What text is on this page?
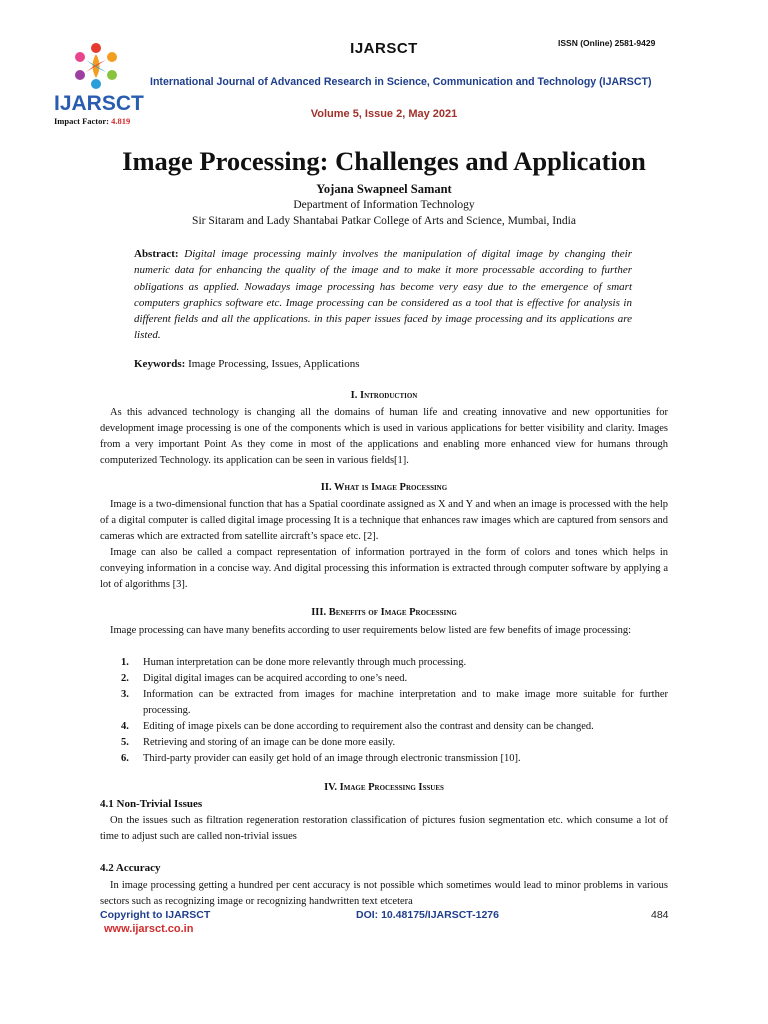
IJARSCT
IJARSCT	ISSN (Online) 2581-9429
International Journal of Advanced Research in Science, Communication and Technology (IJARSCT)
Volume 5, Issue 2, May 2021
Impact Factor: 4.819
Image Processing: Challenges and Application
Yojana Swapneel Samant
Department of Information Technology
Sir Sitaram and Lady Shantabai Patkar College of Arts and Science, Mumbai, India
Abstract: Digital image processing mainly involves the manipulation of digital image by changing their numeric data for enhancing the quality of the image and to make it more processable according to further obligations as applied. Nowadays image processing has become very easy due to the emergence of smart computers graphics software etc. Image processing can be considered as a tool that is effective for analysis in different fields and all the applications. in this paper issues faced by image processing and its applications are listed.
Keywords: Image Processing, Issues, Applications
I. Introduction
As this advanced technology is changing all the domains of human life and creating innovative and new opportunities for development image processing is one of the components which is used in various applications for better visibility and clarity. Images from a very important Point As they come in most of the applications and enabling more enhanced view for humans through computerized Technology. its application can be seen in various fields[1].
II. What is Image Processing
Image is a two-dimensional function that has a Spatial coordinate assigned as X and Y and when an image is processed with the help of a digital computer is called digital image processing It is a technique that enhances raw images which are captured from sensors and cameras which are extracted from satellite aircraft’s space etc. [2].
Image can also be called a compact representation of information portrayed in the form of colors and tones which helps in conveying information in a concise way. And digital processing this information is extracted through computer software by applying a lot of algorithms [3].
III. Benefits of Image Processing
Image processing can have many benefits according to user requirements below listed are few benefits of image processing:
1. Human interpretation can be done more relevantly through much processing.
2. Digital digital images can be acquired according to one’s need.
3. Information can be extracted from images for machine interpretation and to make image more suitable for further processing.
4. Editing of image pixels can be done according to requirement also the contrast and density can be changed.
5. Retrieving and storing of an image can be done more easily.
6. Third-party provider can easily get hold of an image through electronic transmission [10].
IV. Image Processing Issues
4.1 Non-Trivial Issues
On the issues such as filtration regeneration restoration classification of pictures fusion segmentation etc. which consume a lot of time to adjust such are called non-trivial issues
4.2 Accuracy
In image processing getting a hundred per cent accuracy is not possible which sometimes would lead to minor problems in various sectors such as recognizing image or recognizing handwritten text etcetera
Copyright to IJARSCT	DOI: 10.48175/IJARSCT-1276	484
www.ijarsct.co.in
